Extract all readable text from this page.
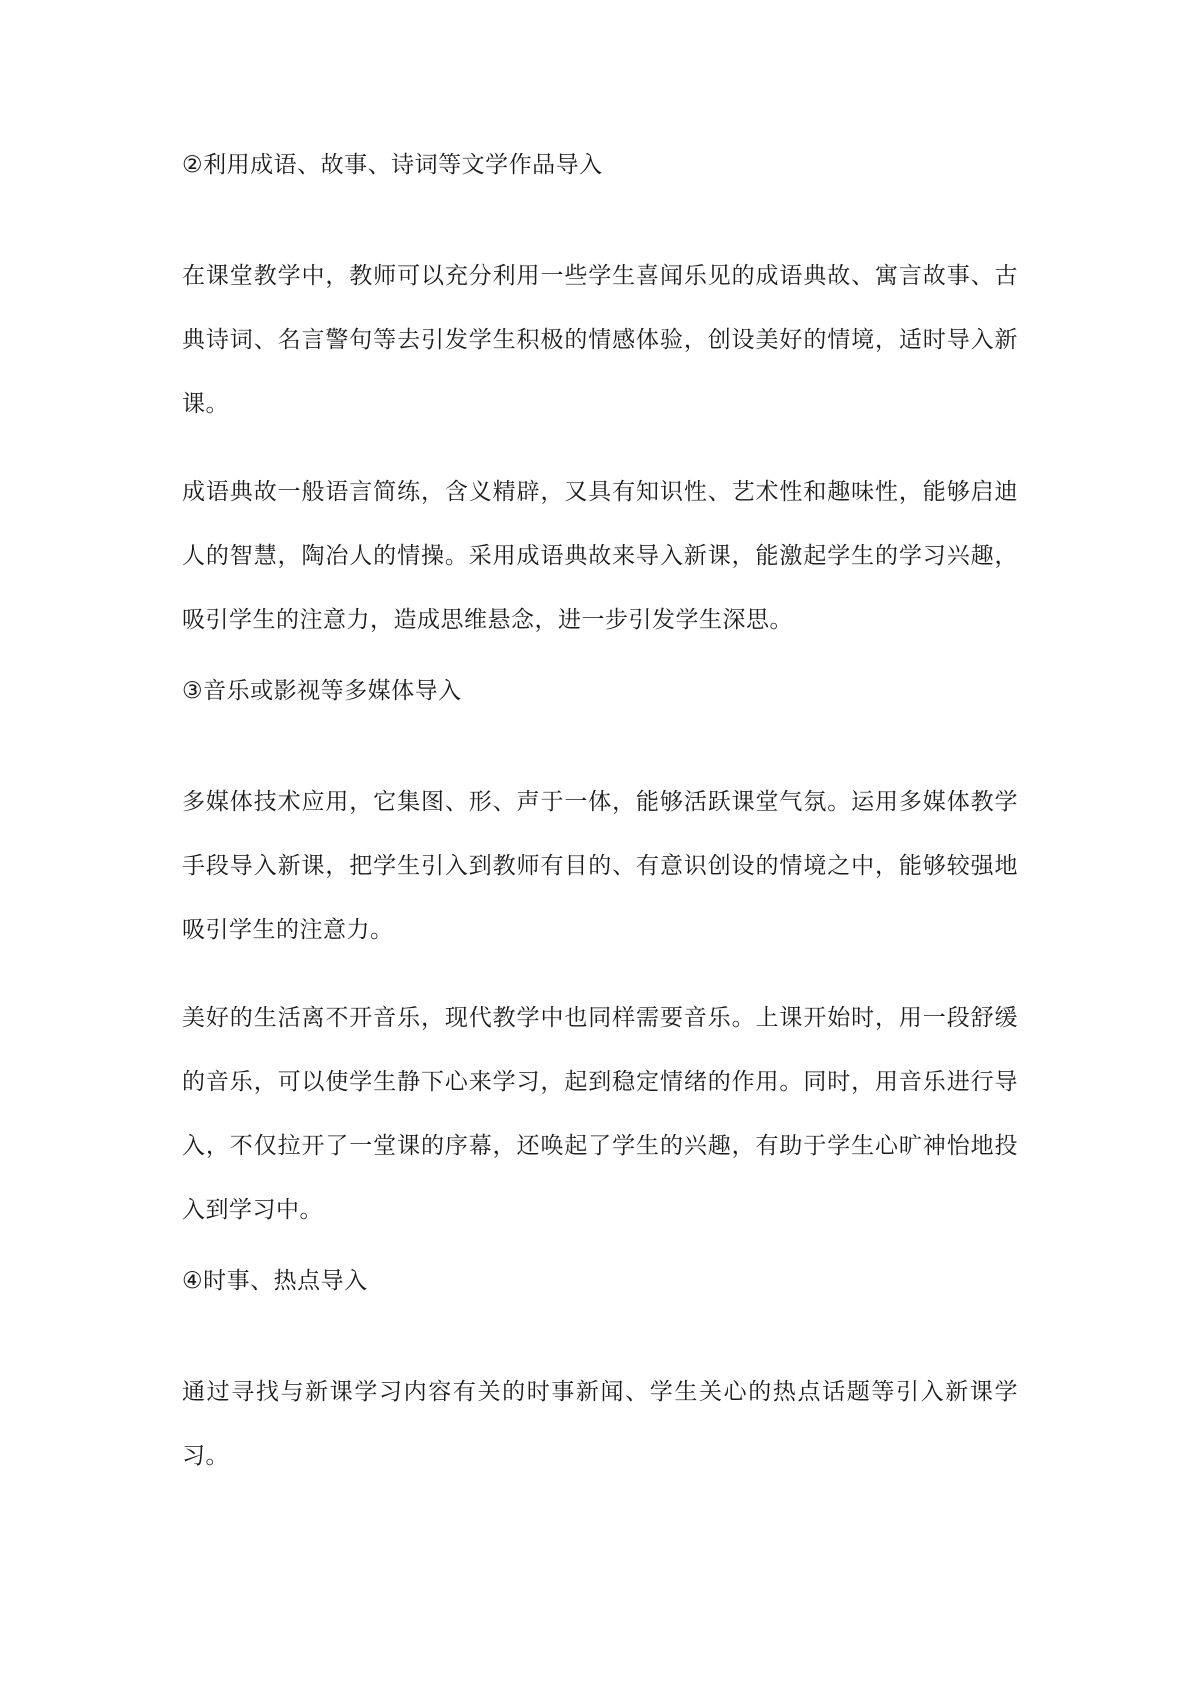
②利用成语、故事、诗词等文学作品导入

在课堂教学中，教师可以充分利用一些学生喜闻乐见的成语典故、寓言故事、古典诗词、名言警句等去引发学生积极的情感体验，创设美好的情境，适时导入新课。

成语典故一般语言简练，含义精辟，又具有知识性、艺术性和趣味性，能够启迪人的智慧，陶冶人的情操。采用成语典故来导入新课，能激起学生的学习兴趣，吸引学生的注意力，造成思维悬念，进一步引发学生深思。

③音乐或影视等多媒体导入

多媒体技术应用，它集图、形、声于一体，能够活跃课堂气氛。运用多媒体教学手段导入新课，把学生引入到教师有目的、有意识创设的情境之中，能够较强地吸引学生的注意力。

美好的生活离不开音乐，现代教学中也同样需要音乐。上课开始时，用一段舒缓的音乐，可以使学生静下心来学习，起到稳定情绪的作用。同时，用音乐进行导入，不仅拉开了一堂课的序幕，还唤起了学生的兴趣，有助于学生心旷神怡地投入到学习中。

④时事、热点导入

通过寻找与新课学习内容有关的时事新闻、学生关心的热点话题等引入新课学习。
